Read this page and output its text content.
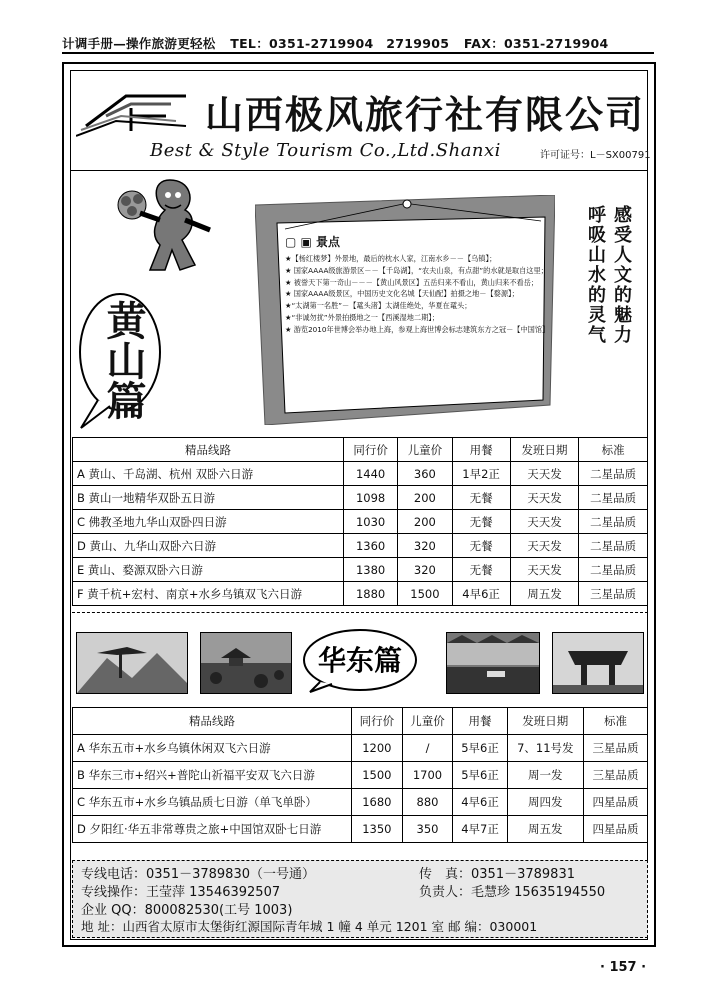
计调手册—操作旅游更轻松 TEL：0351-2719904　2719905 FAX：0351-2719904
山西极风旅行社有限公司
Best & Style Tourism Co.,Ltd.Shanxi	许可证号：L－SX00791
黄山篇
▢ ▣ 景点
★【杨红楼梦】外景地，最后的枕水人家，江南水乡－－【乌镇】；
★ 国家AAAA级旅游景区－－【千岛湖】，“农夫山泉，有点甜”的水就是取自这里；
★ 被誉天下第一奇山－－－【黄山风景区】五岳归来不看山，黄山归来不看岳；
★ 国家AAAA级景区，中国历史文化名城【天仙配】拍摄之地－【婺源】；
★“太湖第一名胜”－【鼋头渚】太湖佳绝处，华夏在鼋头；
★“非诚勿扰”外景拍摄地之一【西溪湿地二期】；
★ 游览2010年世博会举办地上海，参观上海世博会标志建筑东方之冠－【中国馆】	感受人文的魅力
呼吸山水的灵气
精品线路	同行价	儿童价	用餐	发班日期	标准
A 黄山、千岛湖、杭州 双卧六日游	1440	360	1早2正	天天发	二星品质
B 黄山一地精华双卧五日游	1098	200	无餐	天天发	二星品质
C 佛教圣地九华山双卧四日游	1030	200	无餐	天天发	二星品质
D 黄山、九华山双卧六日游	1360	320	无餐	天天发	二星品质
E 黄山、婺源双卧六日游	1380	320	无餐	天天发	二星品质
F 黄千杭+宏村、南京+水乡乌镇双飞六日游	1880	1500	4早6正	周五发	三星品质
华东篇
精品线路	同行价	儿童价	用餐	发班日期	标准
A 华东五市+水乡乌镇休闲双飞六日游	1200	/	5早6正	7、11号发	三星品质
B 华东三市+绍兴+普陀山祈福平安双飞六日游	1500	1700	5早6正	周一发	三星品质
C 华东五市+水乡乌镇品质七日游（单飞单卧）	1680	880	4早6正	周四发	四星品质
D 夕阳红·华五非常尊贵之旅+中国馆双卧七日游	1350	350	4早7正	周五发	四星品质
专线电话：0351－3789830（一号通）	传　真：0351－3789831
专线操作：王莹萍 13546392507	负责人：毛慧珍 15635194550
企业 QQ：800082530(工号 1003)
地 址：山西省太原市太堡街红源国际青年城 1 幢 4 单元 1201 室 邮 编：030001
· 157 ·
